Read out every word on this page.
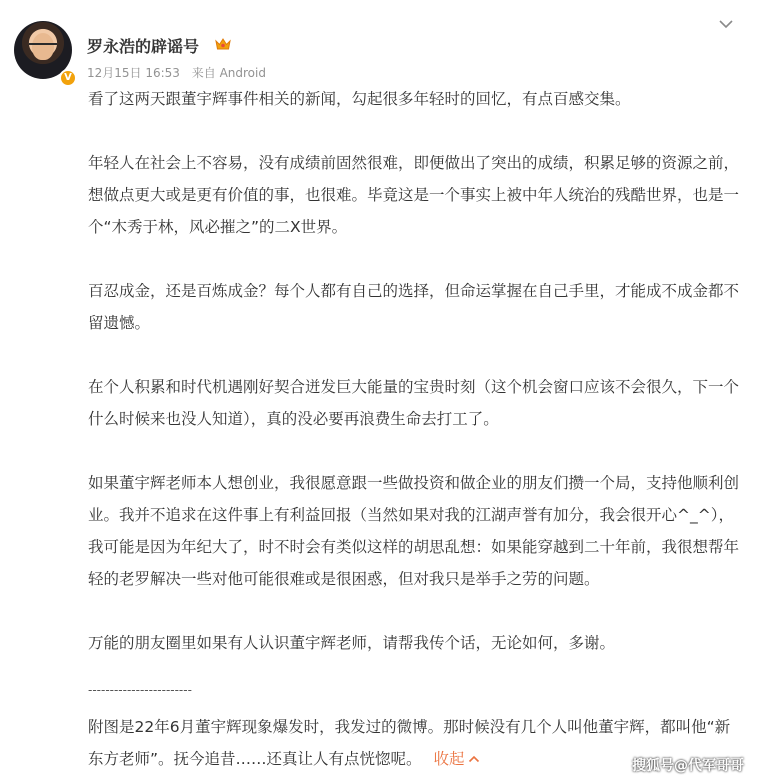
V
罗永浩的辟谣号
12月15日 16:53 来自 Android

看了这两天跟董宇辉事件相关的新闻，勾起很多年轻时的回忆，有点百感交集。

年轻人在社会上不容易，没有成绩前固然很难，即便做出了突出的成绩，积累足够的资源之前，想做点更大或是更有价值的事，也很难。毕竟这是一个事实上被中年人统治的残酷世界，也是一个“木秀于林，风必摧之”的二X世界。

百忍成金，还是百炼成金？每个人都有自己的选择，但命运掌握在自己手里，才能成不成金都不留遗憾。

在个人积累和时代机遇刚好契合迸发巨大能量的宝贵时刻（这个机会窗口应该不会很久，下一个什么时候来也没人知道），真的没必要再浪费生命去打工了。

如果董宇辉老师本人想创业，我很愿意跟一些做投资和做企业的朋友们攒一个局，支持他顺利创业。我并不追求在这件事上有利益回报（当然如果对我的江湖声誉有加分，我会很开心^_^），我可能是因为年纪大了，时不时会有类似这样的胡思乱想：如果能穿越到二十年前，我很想帮年轻的老罗解决一些对他可能很难或是很困惑，但对我只是举手之劳的问题。

万能的朋友圈里如果有人认识董宇辉老师，请帮我传个话，无论如何，多谢。

------------------------
附图是22年6月董宇辉现象爆发时，我发过的微博。那时候没有几个人叫他董宇辉，都叫他“新东方老师”。抚今追昔……还真让人有点恍惚呢。 收起	搜狐号@代军哥哥
